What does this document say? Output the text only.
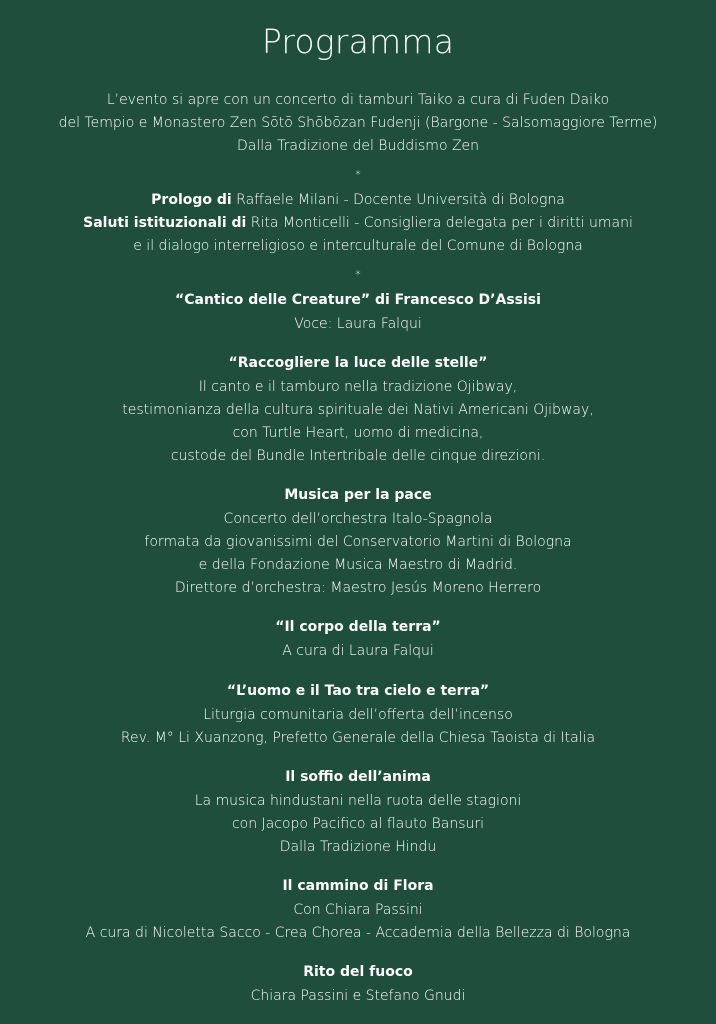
Programma
L’evento si apre con un concerto di tamburi Taiko a cura di Fuden Daiko
del Tempio e Monastero Zen Sōtō Shōbōzan Fudenji (Bargone - Salsomaggiore Terme)
Dalla Tradizione del Buddismo Zen
*
Prologo di Raffaele Milani - Docente Università di Bologna
Saluti istituzionali di Rita Monticelli - Consigliera delegata per i diritti umani
e il dialogo interreligioso e interculturale del Comune di Bologna
*
“Cantico delle Creature” di Francesco D’Assisi
Voce: Laura Falqui
“Raccogliere la luce delle stelle”
Il canto e il tamburo nella tradizione Ojibway,
testimonianza della cultura spirituale dei Nativi Americani Ojibway,
con Turtle Heart, uomo di medicina,
custode del Bundle Intertribale delle cinque direzioni.
Musica per la pace
Concerto dell’orchestra Italo-Spagnola
formata da giovanissimi del Conservatorio Martini di Bologna
e della Fondazione Musica Maestro di Madrid.
Direttore d’orchestra: Maestro Jesús Moreno Herrero
“Il corpo della terra”
A cura di Laura Falqui
“L’uomo e il Tao tra cielo e terra”
Liturgia comunitaria dell’offerta dell’incenso
Rev. M° Li Xuanzong, Prefetto Generale della Chiesa Taoista di Italia
Il soffio dell’anima
La musica hindustani nella ruota delle stagioni
con Jacopo Pacifico al flauto Bansuri
Dalla Tradizione Hindu
Il cammino di Flora
Con Chiara Passini
A cura di Nicoletta Sacco - Crea Chorea - Accademia della Bellezza di Bologna
Rito del fuoco
Chiara Passini e Stefano Gnudi
